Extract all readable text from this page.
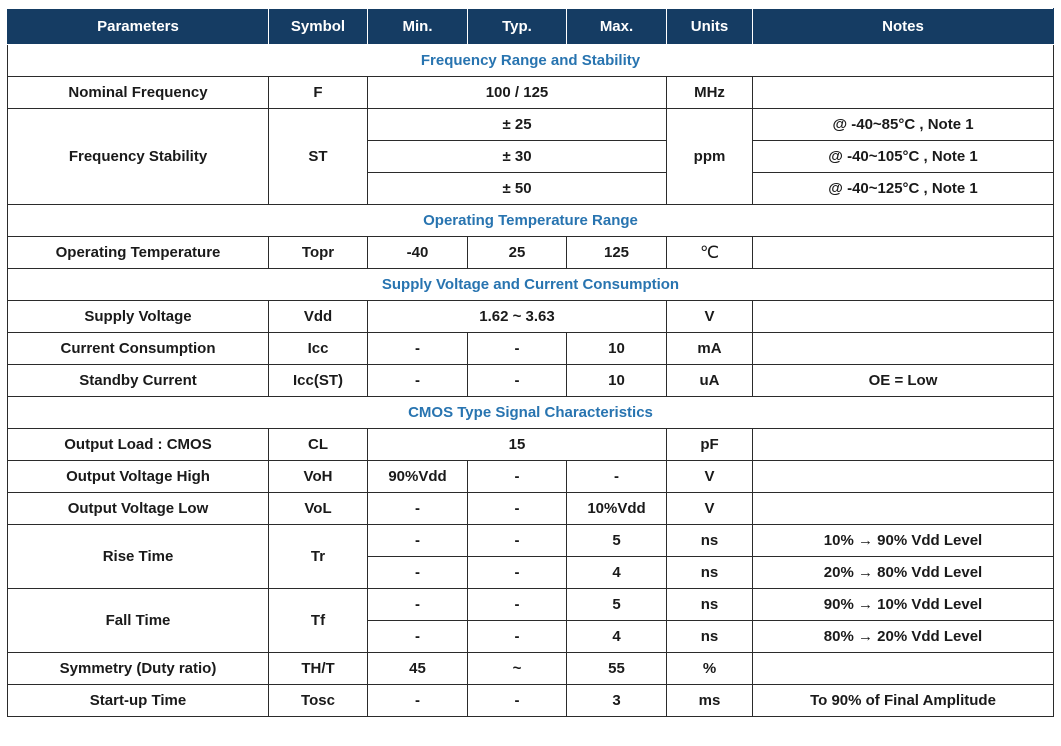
Parameters	Symbol	Min.	Typ.	Max.	Units	Notes
Frequency Range and Stability						
Nominal Frequency	F	100 / 125			MHz	
Frequency Stability	ST	± 25			ppm	@ -40~85°C , Note 1
		± 30				@ -40~105°C , Note 1
		± 50				@ -40~125°C , Note 1
Operating Temperature Range						
Operating Temperature	Topr	-40	25	125	℃	
Supply Voltage and Current Consumption						
Supply Voltage	Vdd	1.62 ~ 3.63			V	
Current Consumption	Icc	-	-	10	mA	
Standby Current	Icc(ST)	-	-	10	uA	OE = Low
CMOS Type Signal Characteristics						
Output Load : CMOS	CL	15			pF	
Output Voltage High	VoH	90%Vdd	-	-	V	
Output Voltage Low	VoL	-	-	10%Vdd	V	
Rise Time	Tr	-	-	5	ns	10% → 90% Vdd Level
		-	-	4	ns	20% → 80% Vdd Level
Fall Time	Tf	-	-	5	ns	90% → 10% Vdd Level
		-	-	4	ns	80% → 20% Vdd Level
Symmetry (Duty ratio)	TH/T	45	~	55	%	
Start-up Time	Tosc	-	-	3	ms	To 90% of Final Amplitude
